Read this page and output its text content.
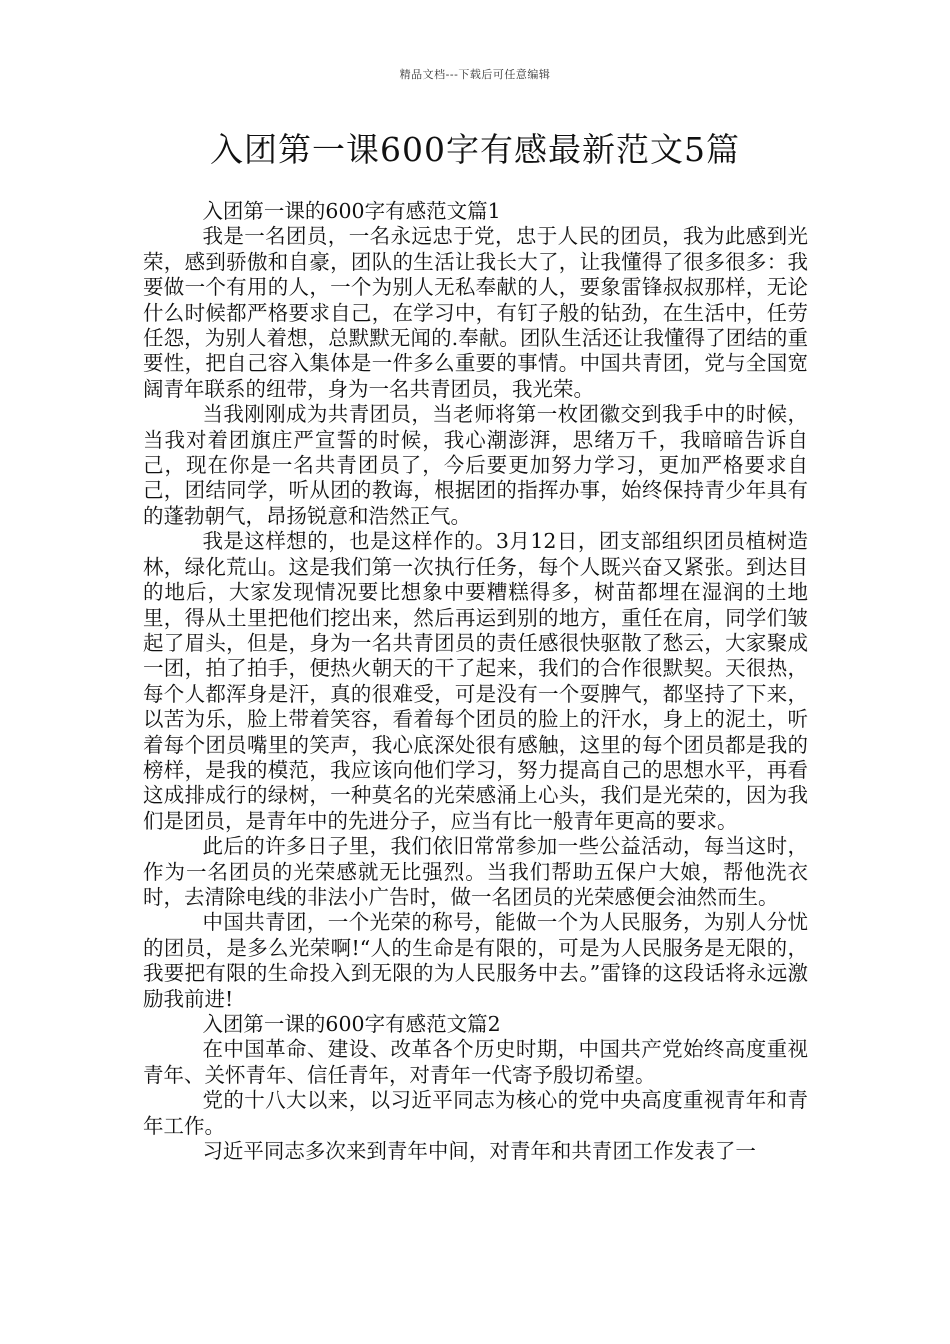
精品文档---下载后可任意编辑
入团第一课600字有感最新范文5篇

入团第一课的600字有感范文篇1

我是一名团员，一名永远忠于党，忠于人民的团员，我为此感到光荣，感到骄傲和自豪，团队的生活让我长大了，让我懂得了很多很多：我要做一个有用的人，一个为别人无私奉献的人，要象雷锋叔叔那样，无论什么时候都严格要求自己，在学习中，有钉子般的钻劲，在生活中，任劳任怨，为别人着想，总默默无闻的.奉献。团队生活还让我懂得了团结的重要性，把自己容入集体是一件多么重要的事情。中国共青团，党与全国宽阔青年联系的纽带，身为一名共青团员，我光荣。

当我刚刚成为共青团员，当老师将第一枚团徽交到我手中的时候，当我对着团旗庄严宣誓的时候，我心潮澎湃，思绪万千，我暗暗告诉自己，现在你是一名共青团员了，今后要更加努力学习，更加严格要求自己，团结同学，听从团的教诲，根据团的指挥办事，始终保持青少年具有的蓬勃朝气，昂扬锐意和浩然正气。

我是这样想的，也是这样作的。3月12日，团支部组织团员植树造林，绿化荒山。这是我们第一次执行任务，每个人既兴奋又紧张。到达目的地后，大家发现情况要比想象中要糟糕得多，树苗都埋在湿润的土地里，得从土里把他们挖出来，然后再运到别的地方，重任在肩，同学们皱起了眉头，但是，身为一名共青团员的责任感很快驱散了愁云，大家聚成一团，拍了拍手，便热火朝天的干了起来，我们的合作很默契。天很热，每个人都浑身是汗，真的很难受，可是没有一个耍脾气，都坚持了下来，以苦为乐，脸上带着笑容，看着每个团员的脸上的汗水，身上的泥土，听着每个团员嘴里的笑声，我心底深处很有感触，这里的每个团员都是我的榜样，是我的模范，我应该向他们学习，努力提高自己的思想水平，再看这成排成行的绿树，一种莫名的光荣感涌上心头，我们是光荣的，因为我们是团员，是青年中的先进分子，应当有比一般青年更高的要求。

此后的许多日子里，我们依旧常常参加一些公益活动，每当这时，作为一名团员的光荣感就无比强烈。当我们帮助五保户大娘，帮他洗衣时，去清除电线的非法小广告时，做一名团员的光荣感便会油然而生。

中国共青团，一个光荣的称号，能做一个为人民服务，为别人分忧的团员，是多么光荣啊!“人的生命是有限的，可是为人民服务是无限的，我要把有限的生命投入到无限的为人民服务中去。”雷锋的这段话将永远激励我前进!

入团第一课的600字有感范文篇2

在中国革命、建设、改革各个历史时期，中国共产党始终高度重视青年、关怀青年、信任青年，对青年一代寄予殷切希望。

党的十八大以来，以习近平同志为核心的党中央高度重视青年和青年工作。

习近平同志多次来到青年中间，对青年和共青团工作发表了一
